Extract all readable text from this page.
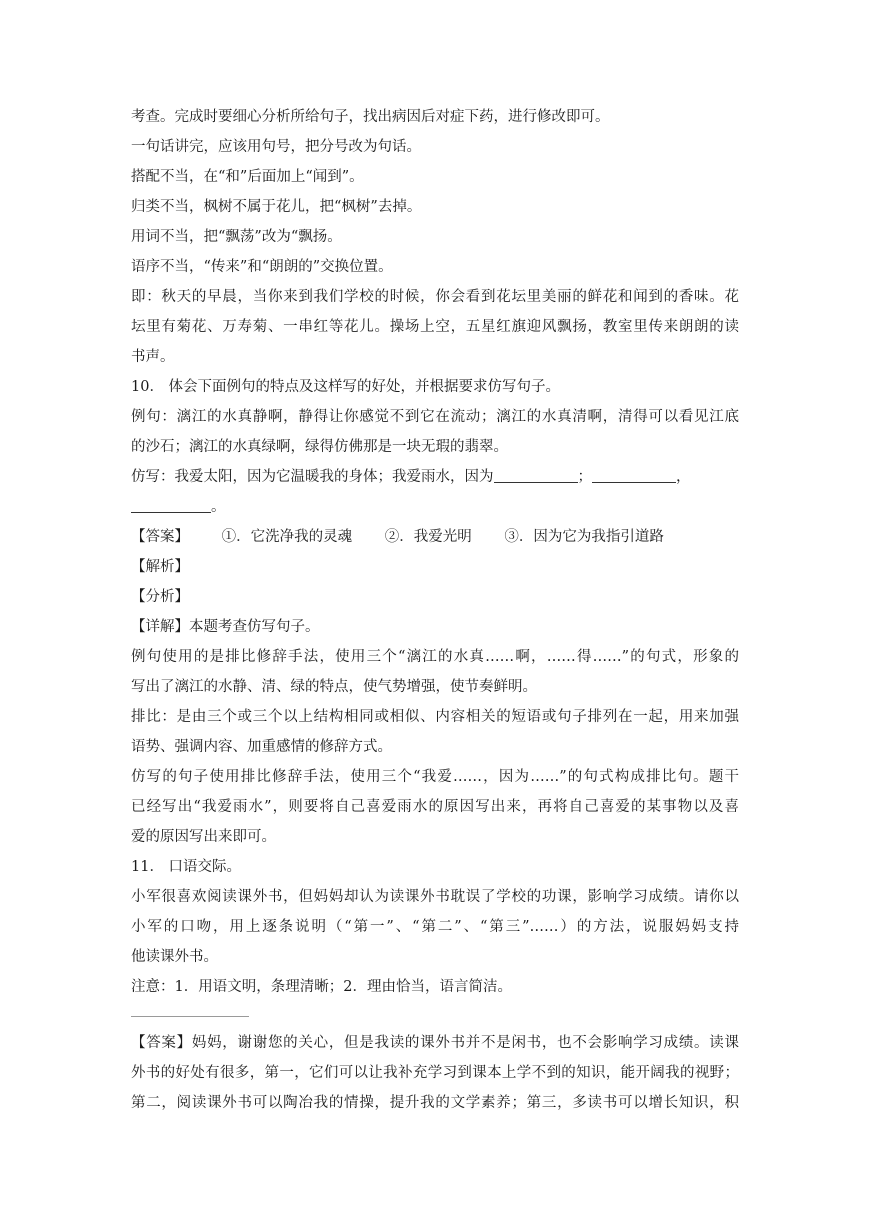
考查。完成时要细心分析所给句子，找出病因后对症下药，进行修改即可。
一句话讲完，应该用句号，把分号改为句话。
搭配不当，在“和”后面加上“闻到”。
归类不当，枫树不属于花儿，把“枫树”去掉。
用词不当，把“飘荡”改为“飘扬。
语序不当，“传来”和“朗朗的”交换位置。
即：秋天的早晨，当你来到我们学校的时候，你会看到花坛里美丽的鲜花和闻到的香味。花
坛里有菊花、万寿菊、一串红等花儿。操场上空，五星红旗迎风飘扬，教室里传来朗朗的读
书声。
10． 体会下面例句的特点及这样写的好处，并根据要求仿写句子。
例句：漓江的水真静啊，静得让你感觉不到它在流动；漓江的水真清啊，清得可以看见江底
的沙石；漓江的水真绿啊，绿得仿佛那是一块无瑕的翡翠。
仿写：我爱太阳，因为它温暖我的身体；我爱雨水，因为	；	，
。
【答案】 ①．它洗净我的灵魂 ②．我爱光明 ③．因为它为我指引道路
【解析】
【分析】
【详解】本题考查仿写句子。
例句使用的是排比修辞手法，使用三个“漓江的水真……啊，……得……”的句式，形象的
写出了漓江的水静、清、绿的特点，使气势增强，使节奏鲜明。
排比：是由三个或三个以上结构相同或相似、内容相关的短语或句子排列在一起，用来加强
语势、强调内容、加重感情的修辞方式。
仿写的句子使用排比修辞手法，使用三个“我爱……，因为……”的句式构成排比句。题干
已经写出“我爱雨水”，则要将自己喜爱雨水的原因写出来，再将自己喜爱的某事物以及喜
爱的原因写出来即可。
11． 口语交际。
小军很喜欢阅读课外书，但妈妈却认为读课外书耽误了学校的功课，影响学习成绩。请你以
小军的口吻，用上逐条说明（“第一”、“第二”、“第三”……）的方法，说服妈妈支持
他读课外书。
注意：1．用语文明，条理清晰；2．理由恰当，语言简洁。
【答案】妈妈，谢谢您的关心，但是我读的课外书并不是闲书，也不会影响学习成绩。读课
外书的好处有很多，第一，它们可以让我补充学习到课本上学不到的知识，能开阔我的视野；
第二，阅读课外书可以陶冶我的情操，提升我的文学素养；第三，多读书可以增长知识，积
